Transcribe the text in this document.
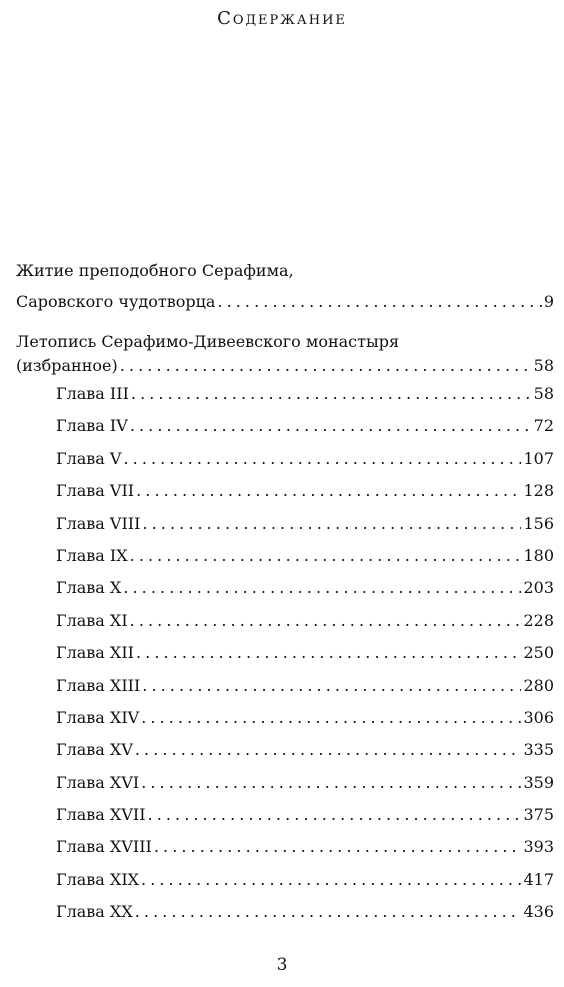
Содержание
Житие преподобного Серафима,
Саровского чудотворца . . .	9
Летопись Серафимо-Дивеевского монастыря
(избранное) . . .	58
Глава III . . .	58
Глава IV . . .	72
Глава V . . .	107
Глава VII . . .	128
Глава VIII . . .	156
Глава IX . . .	180
Глава X . . .	203
Глава XI . . .	228
Глава XII . . .	250
Глава XIII . . .	280
Глава XIV . . .	306
Глава XV . . .	335
Глава XVI . . .	359
Глава XVII . . .	375
Глава XVIII . . .	393
Глава XIX . . .	417
Глава XX . . .	436
3
